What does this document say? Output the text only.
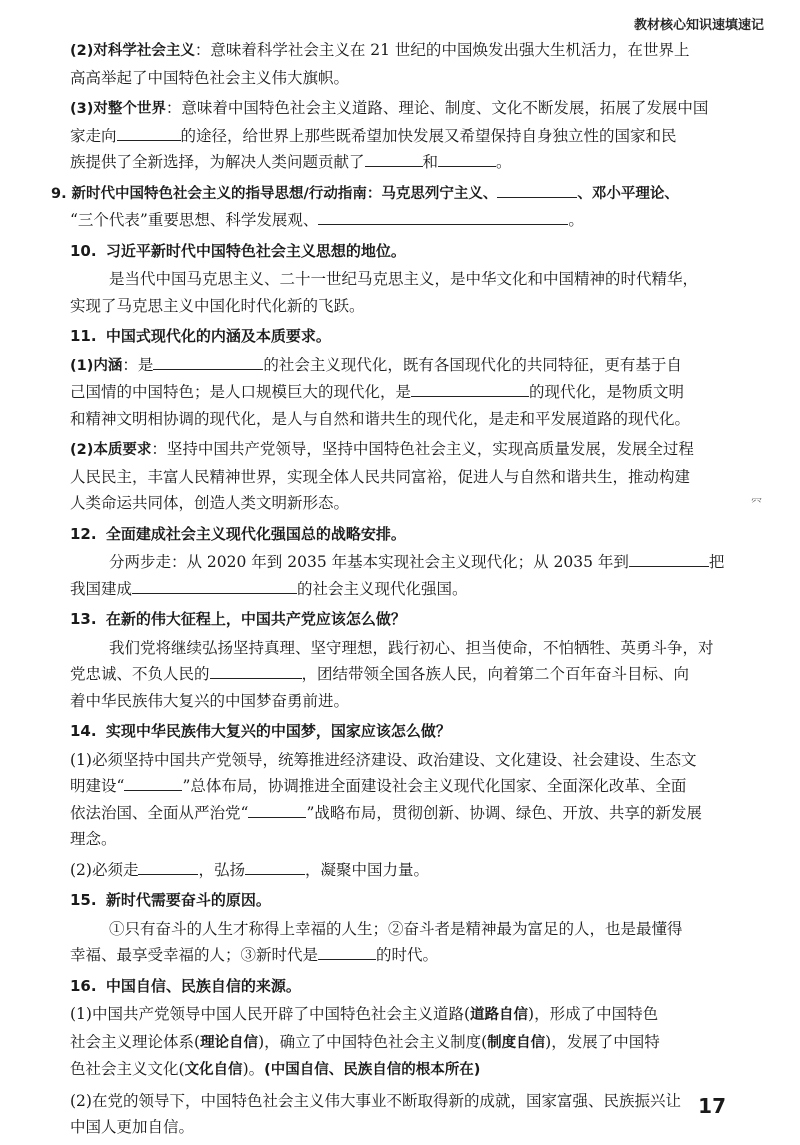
教材核心知识速填速记
㓁

(2)对科学社会主义：意味着科学社会主义在 21 世纪的中国焕发出强大生机活力，在世界上

高高举起了中国特色社会主义伟大旗帜。

(3)对整个世界：意味着中国特色社会主义道路、理论、制度、文化不断发展，拓展了发展中国

家走向	的途径，给世界上那些既希望加快发展又希望保持自身独立性的国家和民

族提供了全新选择，为解决人类问题贡献了	和	。

9. 新时代中国特色社会主义的指导思想/行动指南：马克思列宁主义、	、邓小平理论、

“三个代表”重要思想、科学发展观、	。

10. 习近平新时代中国特色社会主义思想的地位。

是当代中国马克思主义、二十一世纪马克思主义，是中华文化和中国精神的时代精华，

实现了马克思主义中国化时代化新的飞跃。

11. 中国式现代化的内涵及本质要求。

(1)内涵：是	的社会主义现代化，既有各国现代化的共同特征，更有基于自

己国情的中国特色；是人口规模巨大的现代化，是	的现代化，是物质文明

和精神文明相协调的现代化，是人与自然和谐共生的现代化，是走和平发展道路的现代化。

(2)本质要求：坚持中国共产党领导，坚持中国特色社会主义，实现高质量发展，发展全过程

人民民主，丰富人民精神世界，实现全体人民共同富裕，促进人与自然和谐共生，推动构建

人类命运共同体，创造人类文明新形态。

12. 全面建成社会主义现代化强国总的战略安排。

分两步走：从 2020 年到 2035 年基本实现社会主义现代化；从 2035 年到	把

我国建成	的社会主义现代化强国。

13. 在新的伟大征程上，中国共产党应该怎么做？

我们党将继续弘扬坚持真理、坚守理想，践行初心、担当使命，不怕牺牲、英勇斗争，对

党忠诚、不负人民的	，团结带领全国各族人民，向着第二个百年奋斗目标、向

着中华民族伟大复兴的中国梦奋勇前进。

14. 实现中华民族伟大复兴的中国梦，国家应该怎么做？

(1)必须坚持中国共产党领导，统筹推进经济建设、政治建设、文化建设、社会建设、生态文

明建设“	”总体布局，协调推进全面建设社会主义现代化国家、全面深化改革、全面

依法治国、全面从严治党“	”战略布局，贯彻创新、协调、绿色、开放、共享的新发展

理念。

(2)必须走	，弘扬	，凝聚中国力量。

15. 新时代需要奋斗的原因。

①只有奋斗的人生才称得上幸福的人生；②奋斗者是精神最为富足的人，也是最懂得

幸福、最享受幸福的人；③新时代是	的时代。

16. 中国自信、民族自信的来源。

(1)中国共产党领导中国人民开辟了中国特色社会主义道路(道路自信)，形成了中国特色

社会主义理论体系(理论自信)，确立了中国特色社会主义制度(制度自信)，发展了中国特

色社会主义文化(文化自信)。(中国自信、民族自信的根本所在)

(2)在党的领导下，中国特色社会主义伟大事业不断取得新的成就，国家富强、民族振兴让

中国人更加自信。

17
